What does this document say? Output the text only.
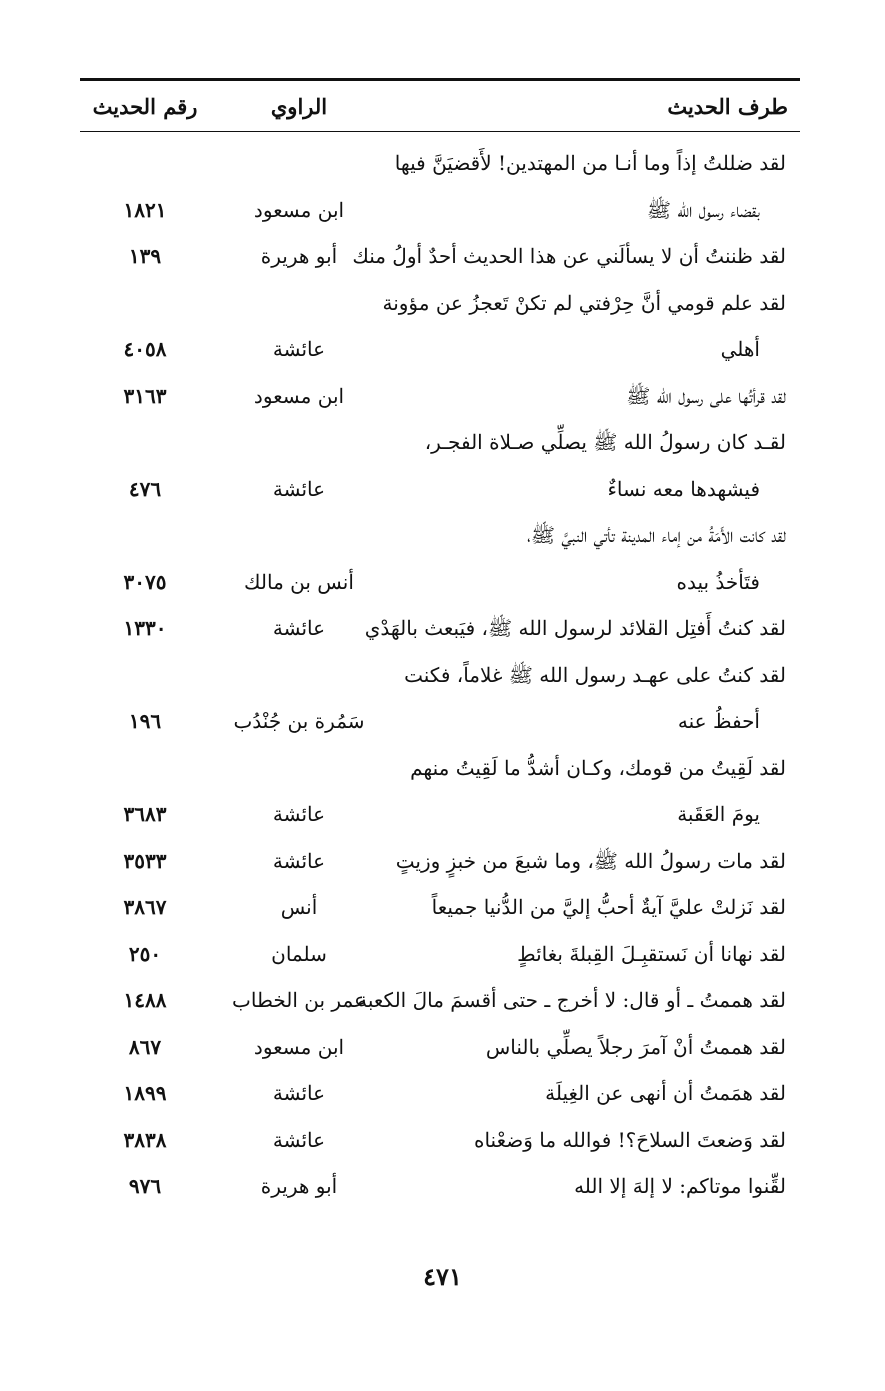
طرف الحديث
الراوي
رقم الحديث
لقد ضللتُ إذاً وما أنـا من المهتدين! لأَقضيَنَّ فيها
بقضاء رسول الله ﷺ
ابن مسعود
١٨٢١
لقد ظننتُ أن لا يسألَني عن هذا الحديث أحدٌ أولُ منك
أبو هريرة
١٣٩
لقد علم قومي أنَّ حِرْفتي لم تكنْ تَعجزُ عن مؤونة
أهلي
عائشة
٤٠٥٨
لقد قرأتُها على رسول الله ﷺ
ابن مسعود
٣١٦٣
لقـد كان رسولُ الله ﷺ يصلِّي صـلاة الفجـر،
فيشهدها معه نساءٌ
عائشة
٤٧٦
لقد كانت الأَمَةُ من إماء المدينة تأتي النبيَّ ﷺ،
فتَأخذُ بيده
أنس بن مالك
٣٠٧٥
لقد كنتُ أَفتِل القلائد لرسول الله ﷺ، فيَبعث بالهَدْي
عائشة
١٣٣٠
لقد كنتُ على عهـد رسول الله ﷺ غلاماً، فكنت
أحفظُ عنه
سَمُرة بن جُنْدُب
١٩٦
لقد لَقِيتُ من قومك، وكـان أشدُّ ما لَقِيتُ منهم
يومَ العَقَبة
عائشة
٣٦٨٣
لقد مات رسولُ الله ﷺ، وما شبعَ من خبزٍ وزيتٍ
عائشة
٣٥٣٣
لقد نَزلتْ عليَّ آيةٌ أحبُّ إليَّ من الدُّنيا جميعاً
أنس
٣٨٦٧
لقد نهانا أن نَستقبِـلَ القِبلةَ بغائطٍ
سلمان
٢٥٠
لقد هممتُ ـ أو قال: لا أخرج ـ حتى أقسمَ مالَ الكعبة
عمر بن الخطاب
١٤٨٨
لقد هممتُ أنْ آمرَ رجلاً يصلِّي بالناس
ابن مسعود
٨٦٧
لقد همَمتُ أن أنهى عن الغِيلَة
عائشة
١٨٩٩
لقد وَضعتَ السلاحَ؟! فوالله ما وَضعْناه
عائشة
٣٨٣٨
لقِّنوا موتاكم: لا إلهَ إلا الله
أبو هريرة
٩٧٦
٤٧١
